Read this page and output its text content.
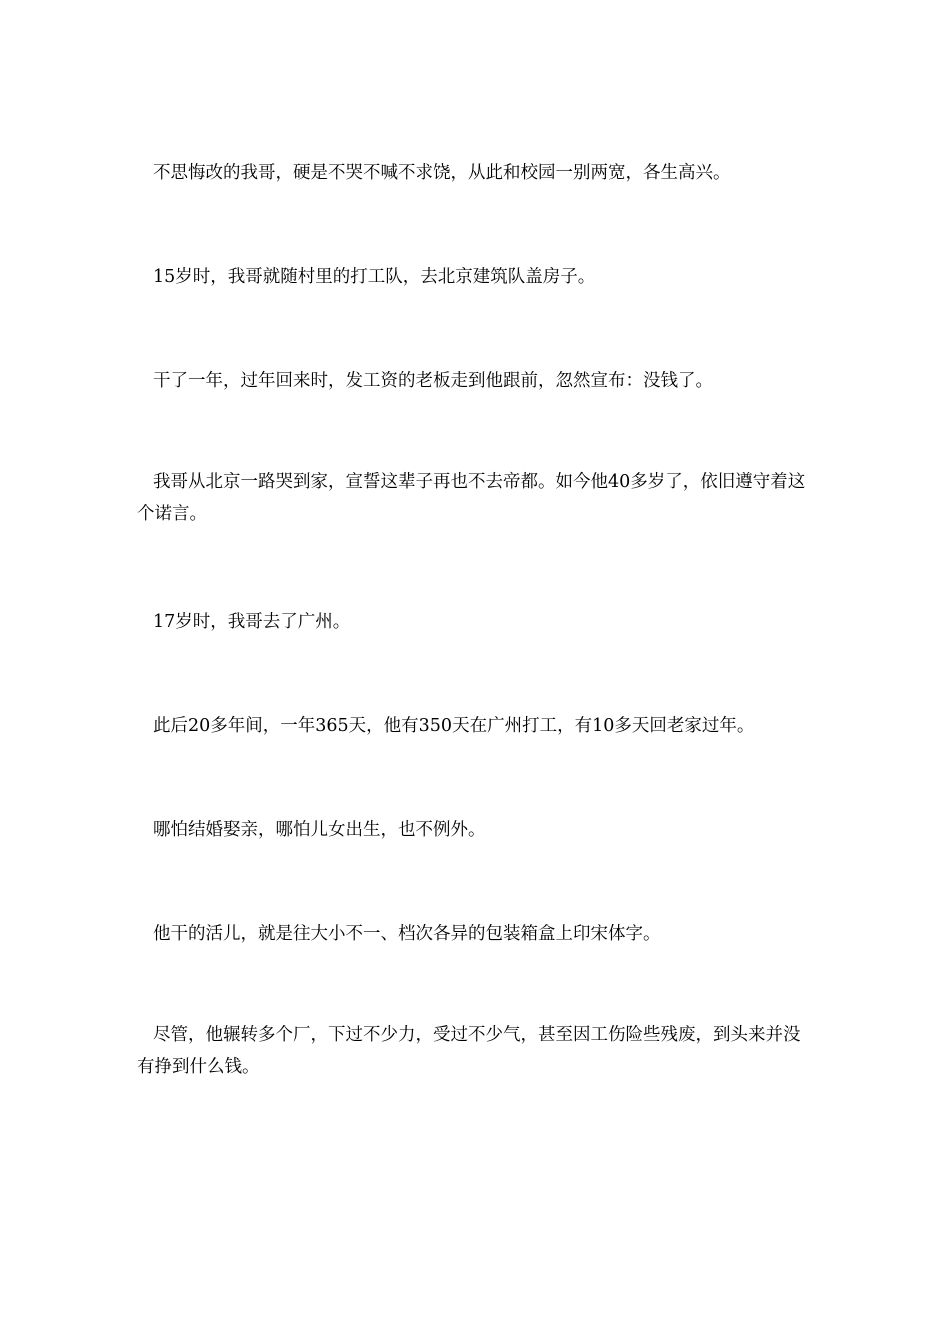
不思悔改的我哥，硬是不哭不喊不求饶，从此和校园一别两宽，各生高兴。

15岁时，我哥就随村里的打工队，去北京建筑队盖房子。

干了一年，过年回来时，发工资的老板走到他跟前，忽然宣布：没钱了。

我哥从北京一路哭到家，宣誓这辈子再也不去帝都。如今他40多岁了，依旧遵守着这个诺言。

17岁时，我哥去了广州。

此后20多年间，一年365天，他有350天在广州打工，有10多天回老家过年。

哪怕结婚娶亲，哪怕儿女出生，也不例外。

他干的活儿，就是往大小不一、档次各异的包装箱盒上印宋体字。

尽管，他辗转多个厂，下过不少力，受过不少气，甚至因工伤险些残废，到头来并没有挣到什么钱。
